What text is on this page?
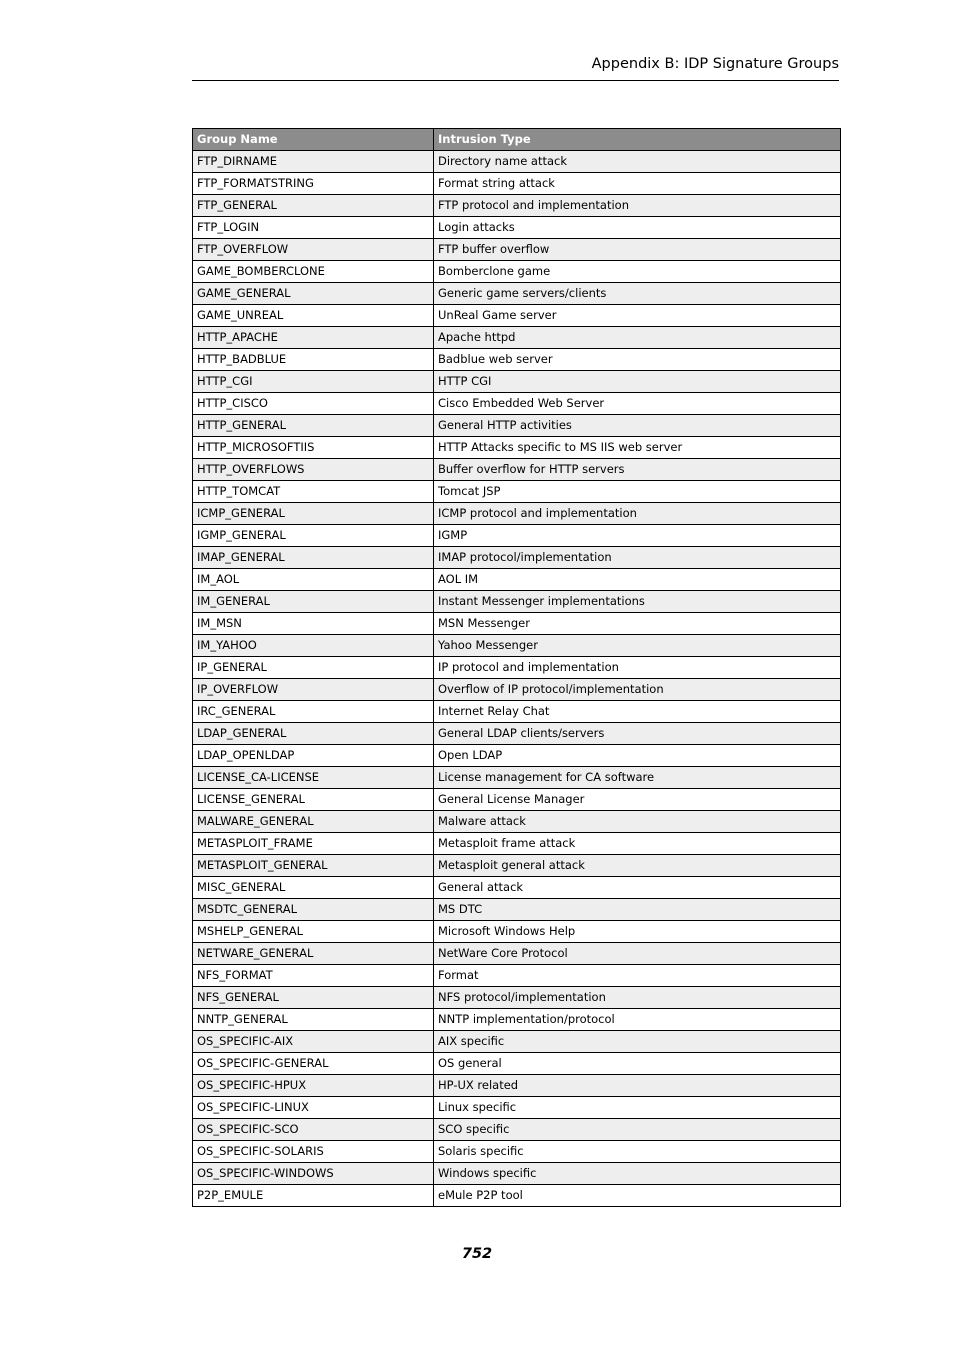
Appendix B: IDP Signature Groups
Group Name	Intrusion Type
FTP_DIRNAME	Directory name attack
FTP_FORMATSTRING	Format string attack
FTP_GENERAL	FTP protocol and implementation
FTP_LOGIN	Login attacks
FTP_OVERFLOW	FTP buffer overflow
GAME_BOMBERCLONE	Bomberclone game
GAME_GENERAL	Generic game servers/clients
GAME_UNREAL	UnReal Game server
HTTP_APACHE	Apache httpd
HTTP_BADBLUE	Badblue web server
HTTP_CGI	HTTP CGI
HTTP_CISCO	Cisco Embedded Web Server
HTTP_GENERAL	General HTTP activities
HTTP_MICROSOFTIIS	HTTP Attacks specific to MS IIS web server
HTTP_OVERFLOWS	Buffer overflow for HTTP servers
HTTP_TOMCAT	Tomcat JSP
ICMP_GENERAL	ICMP protocol and implementation
IGMP_GENERAL	IGMP
IMAP_GENERAL	IMAP protocol/implementation
IM_AOL	AOL IM
IM_GENERAL	Instant Messenger implementations
IM_MSN	MSN Messenger
IM_YAHOO	Yahoo Messenger
IP_GENERAL	IP protocol and implementation
IP_OVERFLOW	Overflow of IP protocol/implementation
IRC_GENERAL	Internet Relay Chat
LDAP_GENERAL	General LDAP clients/servers
LDAP_OPENLDAP	Open LDAP
LICENSE_CA-LICENSE	License management for CA software
LICENSE_GENERAL	General License Manager
MALWARE_GENERAL	Malware attack
METASPLOIT_FRAME	Metasploit frame attack
METASPLOIT_GENERAL	Metasploit general attack
MISC_GENERAL	General attack
MSDTC_GENERAL	MS DTC
MSHELP_GENERAL	Microsoft Windows Help
NETWARE_GENERAL	NetWare Core Protocol
NFS_FORMAT	Format
NFS_GENERAL	NFS protocol/implementation
NNTP_GENERAL	NNTP implementation/protocol
OS_SPECIFIC-AIX	AIX specific
OS_SPECIFIC-GENERAL	OS general
OS_SPECIFIC-HPUX	HP-UX related
OS_SPECIFIC-LINUX	Linux specific
OS_SPECIFIC-SCO	SCO specific
OS_SPECIFIC-SOLARIS	Solaris specific
OS_SPECIFIC-WINDOWS	Windows specific
P2P_EMULE	eMule P2P tool
752
